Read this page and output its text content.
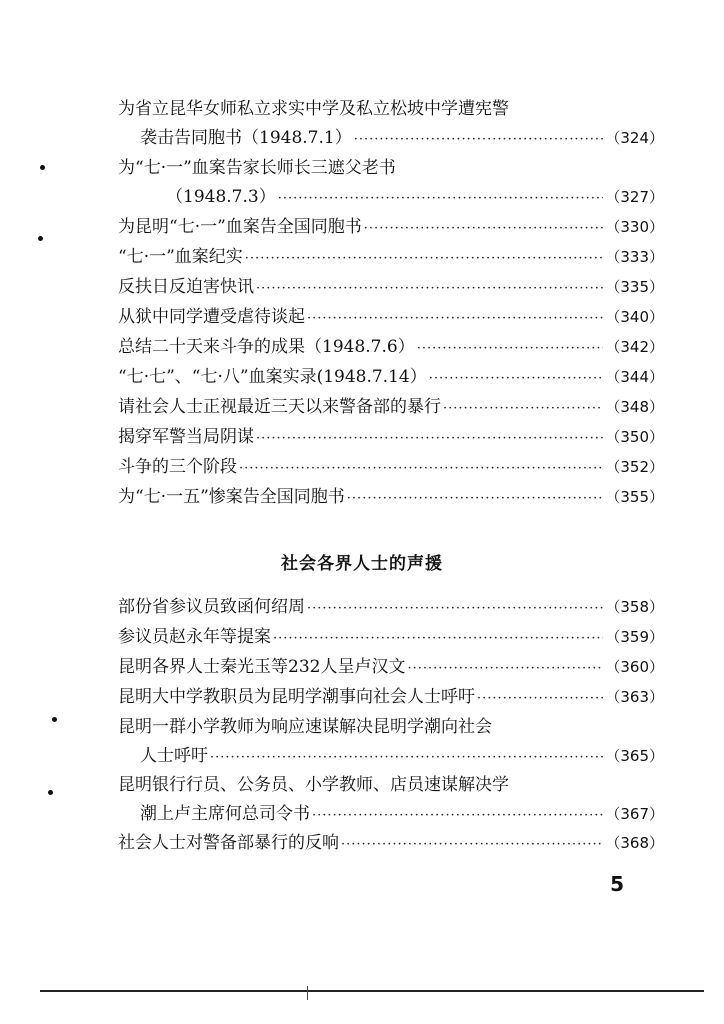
为省立昆华女师私立求实中学及私立松坡中学遭宪警
袭击告同胞书（1948.7.1） ·····	（324）
为“七·一”血案告家长师长三遮父老书
（1948.7.3） ·····	（327）
为昆明“七·一”血案告全国同胞书 ·····	（330）
“七·一”血案纪实 ·····	（333）
反扶日反迫害快讯 ·····	（335）
从狱中同学遭受虐待谈起 ·····	（340）
总结二十天来斗争的成果（1948.7.6） ·····	（342）
“七·七”、“七·八”血案实录(1948.7.14） ·····	（344）
请社会人士正视最近三天以来警备部的暴行 ·····	（348）
揭穿军警当局阴谋 ·····	（350）
斗争的三个阶段 ·····	（352）
为“七·一五”惨案告全国同胞书 ·····	（355）
社会各界人士的声援
部份省参议员致函何绍周 ·····	（358）
参议员赵永年等提案 ·····	（359）
昆明各界人士秦光玉等232人呈卢汉文 ·····	（360）
昆明大中学教职员为昆明学潮事向社会人士呼吁 ·····	（363）
昆明一群小学教师为响应速谋解决昆明学潮向社会
人士呼吁 ·····	（365）
昆明银行行员、公务员、小学教师、店员速谋解决学
潮上卢主席何总司令书 ·····	（367）
社会人士对警备部暴行的反响 ·····	（368）
5
